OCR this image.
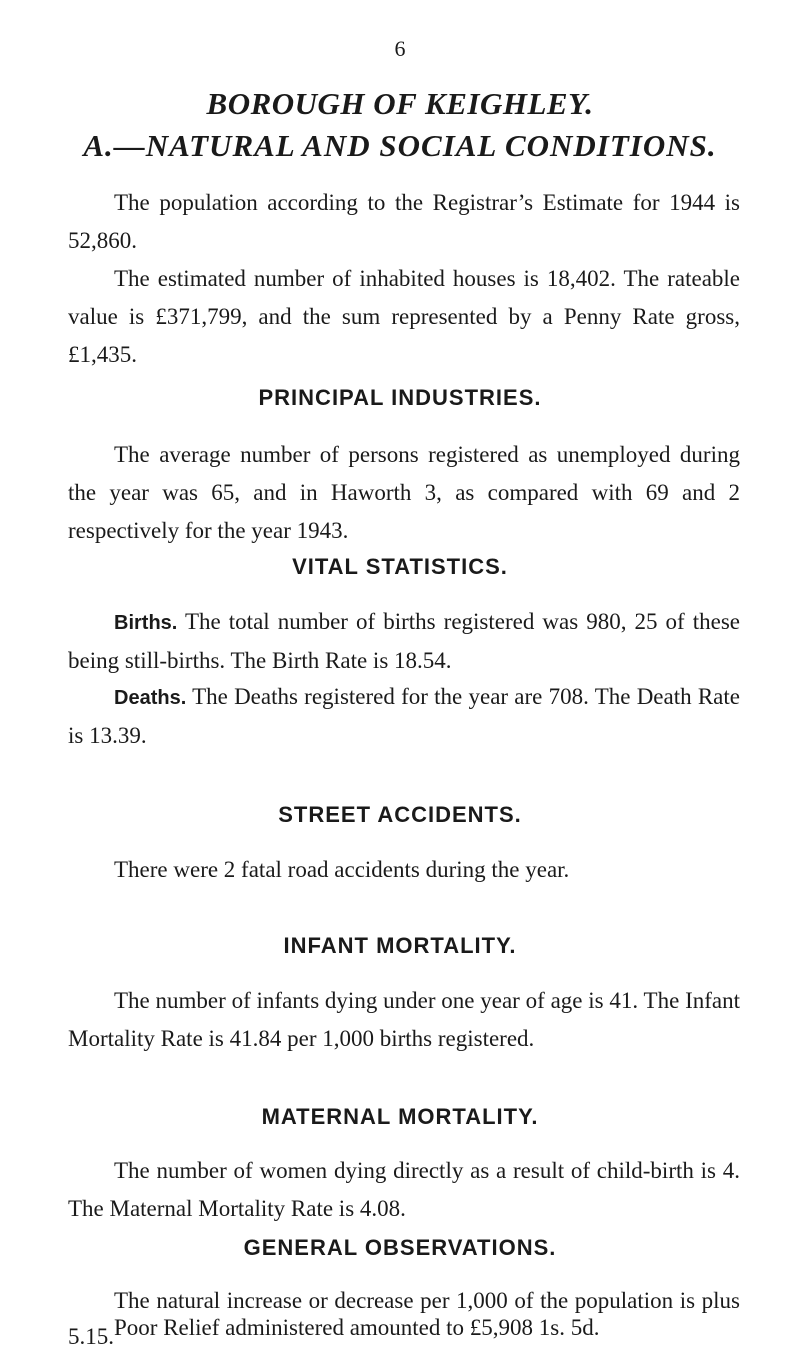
6
BOROUGH OF KEIGHLEY.
A.—NATURAL AND SOCIAL CONDITIONS.

The population according to the Registrar’s Estimate for 1944 is 52,860.

The estimated number of inhabited houses is 18,402. The rateable value is £371,799, and the sum represented by a Penny Rate gross, £1,435.

PRINCIPAL INDUSTRIES.

The average number of persons registered as unemployed during the year was 65, and in Haworth 3, as compared with 69 and 2 respectively for the year 1943.

VITAL STATISTICS.

Births. The total number of births registered was 980, 25 of these being still-births. The Birth Rate is 18.54.

Deaths. The Deaths registered for the year are 708. The Death Rate is 13.39.

STREET ACCIDENTS.

There were 2 fatal road accidents during the year.

INFANT MORTALITY.

The number of infants dying under one year of age is 41. The Infant Mortality Rate is 41.84 per 1,000 births registered.

MATERNAL MORTALITY.

The number of women dying directly as a result of child-birth is 4. The Maternal Mortality Rate is 4.08.

GENERAL OBSERVATIONS.

The natural increase or decrease per 1,000 of the population is plus 5.15. Poor Relief administered amounted to £5,908 1s. 5d.
